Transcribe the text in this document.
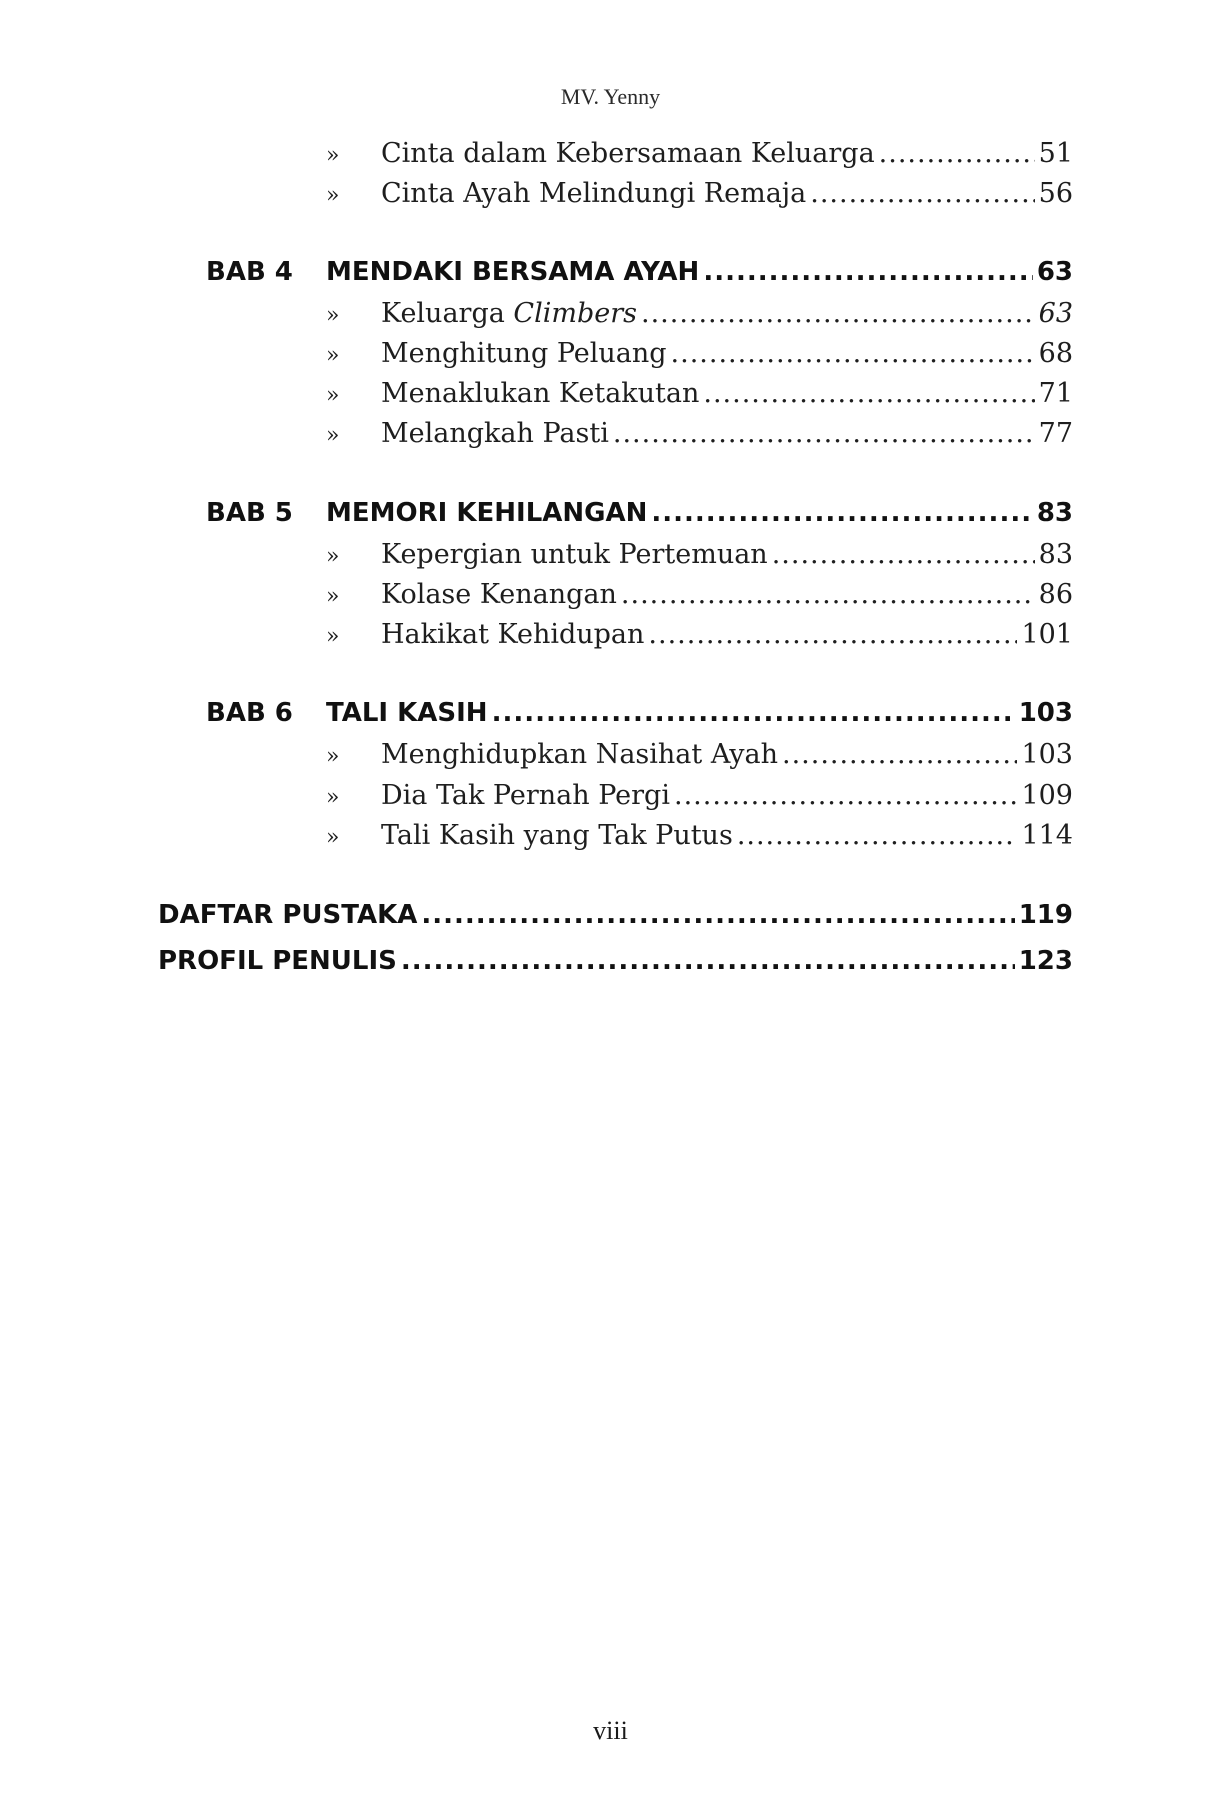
MV. Yenny
»	Cinta dalam Kebersamaan Keluarga .....	51
»	Cinta Ayah Melindungi Remaja .....	56
BAB 4	MENDAKI BERSAMA AYAH .....	63
»	Keluarga Climbers .....	63
»	Menghitung Peluang .....	68
»	Menaklukan Ketakutan .....	71
»	Melangkah Pasti .....	77
BAB 5	MEMORI KEHILANGAN .....	83
»	Kepergian untuk Pertemuan .....	83
»	Kolase Kenangan .....	86
»	Hakikat Kehidupan .....	101
BAB 6	TALI KASIH .....	103
»	Menghidupkan Nasihat Ayah .....	103
»	Dia Tak Pernah Pergi .....	109
»	Tali Kasih yang Tak Putus .....	114
DAFTAR PUSTAKA .....	119
PROFIL PENULIS .....	123
viii
